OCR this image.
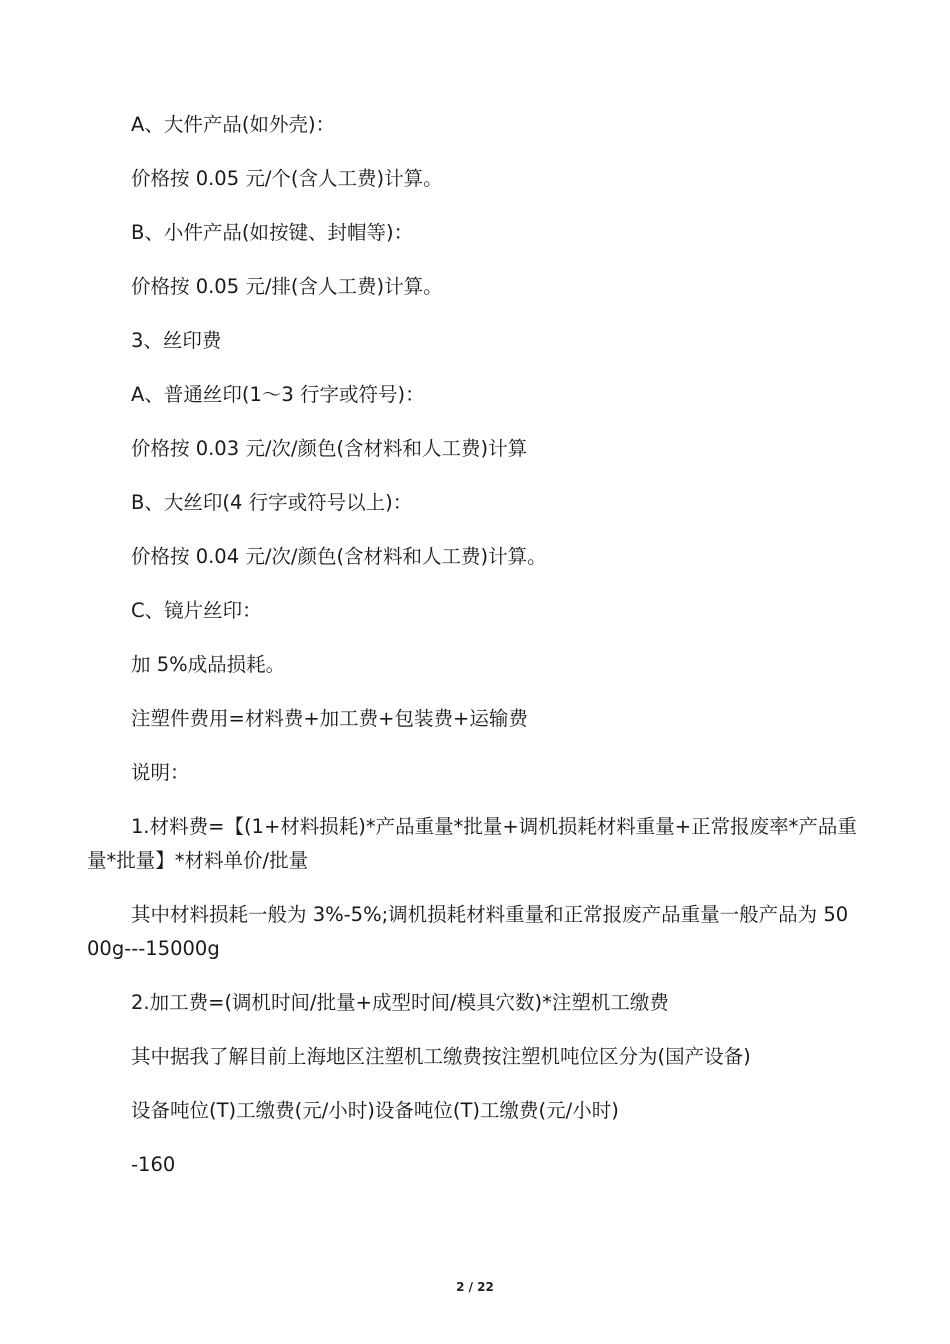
A、大件产品(如外壳)：

价格按 0.05 元/个(含人工费)计算。

B、小件产品(如按键、封帽等)：

价格按 0.05 元/排(含人工费)计算。

3、丝印费

A、普通丝印(1～3 行字或符号)：

价格按 0.03 元/次/颜色(含材料和人工费)计算

B、大丝印(4 行字或符号以上)：

价格按 0.04 元/次/颜色(含材料和人工费)计算。

C、镜片丝印：

加 5%成品损耗。

注塑件费用=材料费+加工费+包装费+运输费

说明：

1.材料费=【(1+材料损耗)*产品重量*批量+调机损耗材料重量+正常报废率*产品重量*批量】*材料单价/批量

其中材料损耗一般为 3%-5%;调机损耗材料重量和正常报废产品重量一般产品为 5000g---15000g

2.加工费=(调机时间/批量+成型时间/模具穴数)*注塑机工缴费

其中据我了解目前上海地区注塑机工缴费按注塑机吨位区分为(国产设备)

设备吨位(T)工缴费(元/小时)设备吨位(T)工缴费(元/小时)

-160

2 / 22
